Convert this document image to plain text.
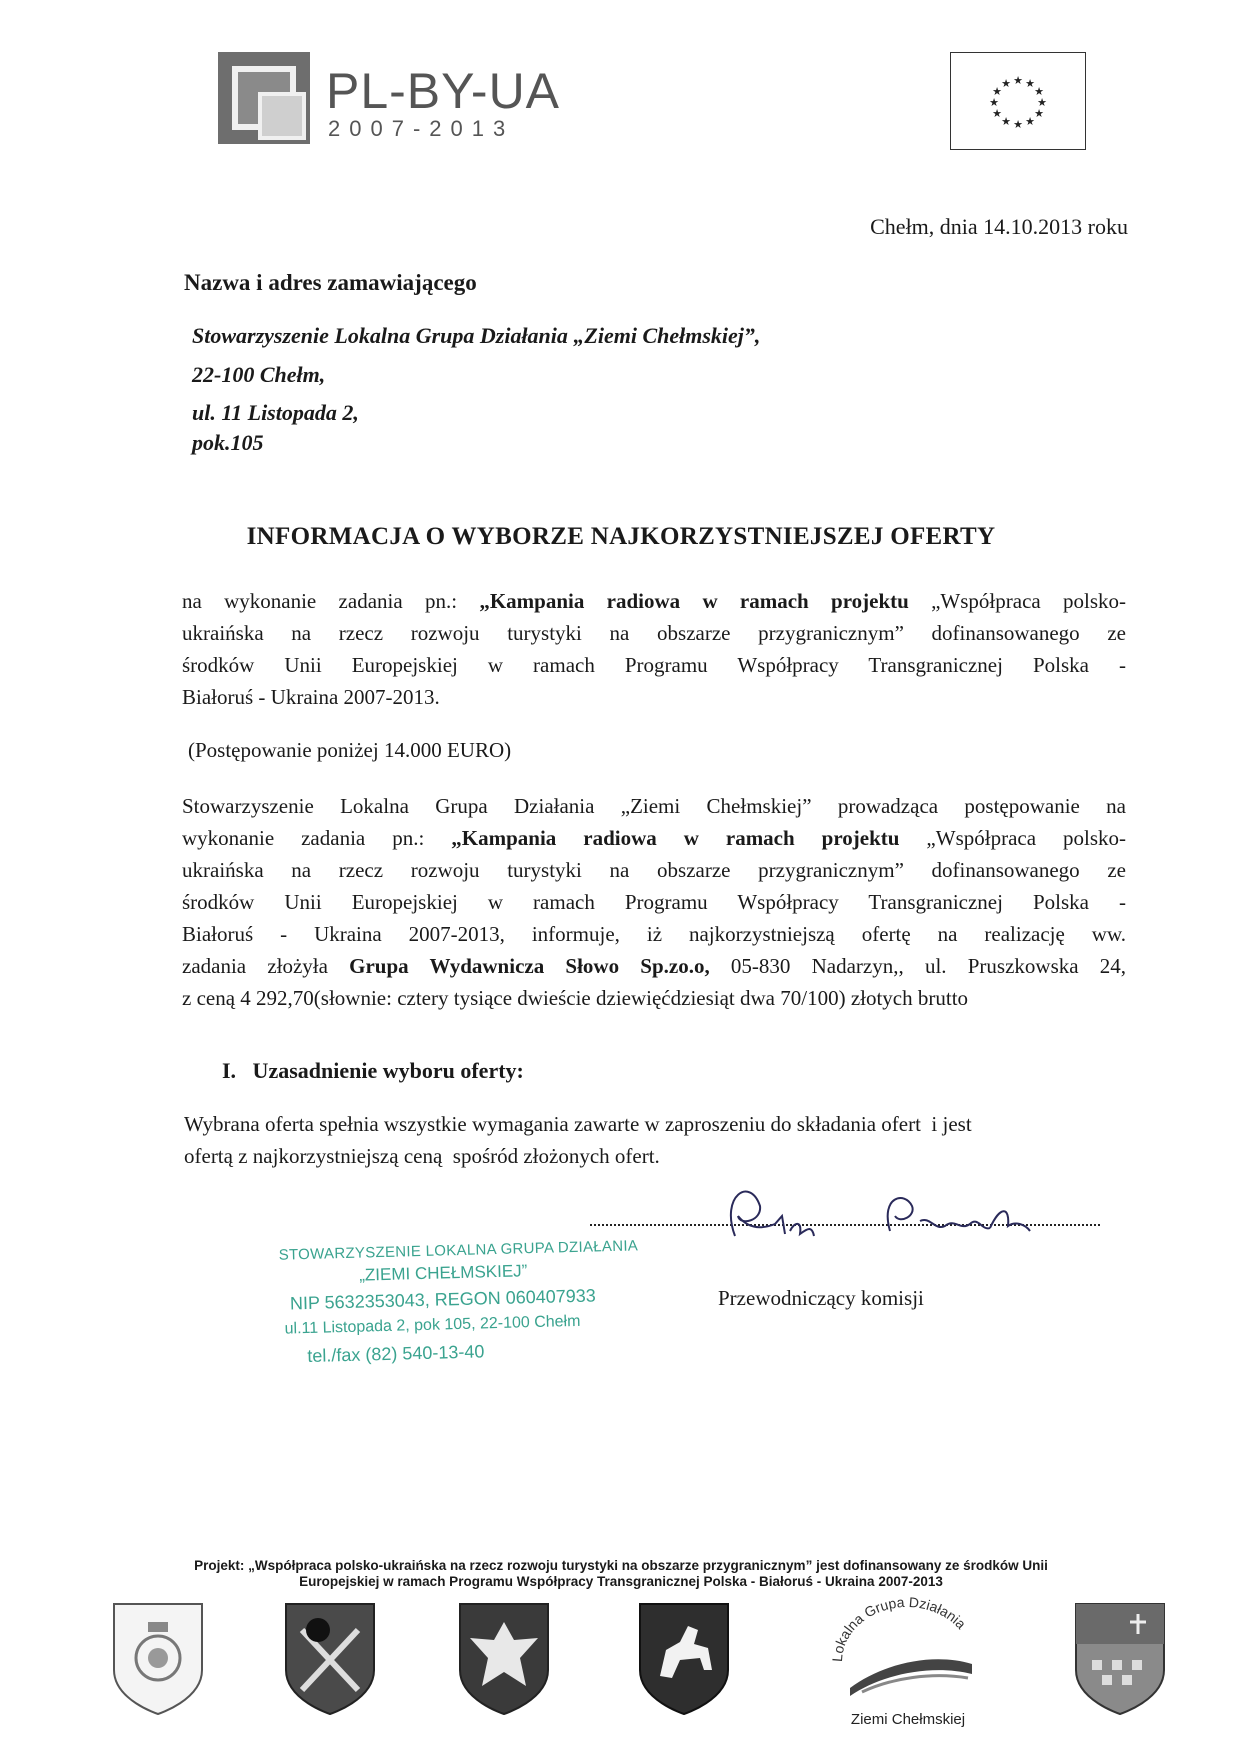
PL-BY-UA
2007-2013
★ ★
★
★
★
★
★
★
★
★
★
★
Chełm, dnia 14.10.2013 roku
Nazwa i adres zamawiającego
Stowarzyszenie Lokalna Grupa Działania „Ziemi Chełmskiej”,
22-100 Chełm,
ul. 11 Listopada 2,
pok.105
INFORMACJA O WYBORZE NAJKORZYSTNIEJSZEJ OFERTY
na wykonanie zadania pn.: „Kampania radiowa w ramach projektu „Współpraca polsko-
ukraińska na rzecz rozwoju turystyki na obszarze przygranicznym” dofinansowanego ze
środków Unii Europejskiej w ramach Programu Współpracy Transgranicznej Polska -
Białoruś - Ukraina 2007-2013.
(Postępowanie poniżej 14.000 EURO)
Stowarzyszenie Lokalna Grupa Działania „Ziemi Chełmskiej” prowadząca postępowanie na
wykonanie zadania pn.: „Kampania radiowa w ramach projektu „Współpraca polsko-
ukraińska na rzecz rozwoju turystyki na obszarze przygranicznym” dofinansowanego ze
środków Unii Europejskiej w ramach Programu Współpracy Transgranicznej Polska -
Białoruś - Ukraina 2007-2013, informuje, iż najkorzystniejszą ofertę na realizację ww.
zadania złożyła Grupa Wydawnicza Słowo Sp.zo.o, 05-830 Nadarzyn,, ul. Pruszkowska 24,
z ceną 4 292,70(słownie: cztery tysiące dwieście dziewięćdziesiąt dwa 70/100) złotych brutto
I.   Uzasadnienie wyboru oferty:
Wybrana oferta spełnia wszystkie wymagania zawarte w zaproszeniu do składania ofert  i jest
ofertą z najkorzystniejszą ceną  spośród złożonych ofert.
Przewodniczący komisji
STOWARZYSZENIE LOKALNA GRUPA DZIAŁANIA
„ZIEMI CHEŁMSKIEJ”
NIP 5632353043, REGON 060407933
ul.11 Listopada 2, pok 105, 22-100 Chełm
tel./fax (82) 540-13-40
Projekt: „Współpraca polsko-ukraińska na rzecz rozwoju turystyki na obszarze przygranicznym” jest dofinansowany ze środków Unii
Europejskiej w ramach Programu Współpracy Transgranicznej Polska - Białoruś - Ukraina 2007-2013
Lokalna Grupa Działania
Ziemi Chełmskiej
